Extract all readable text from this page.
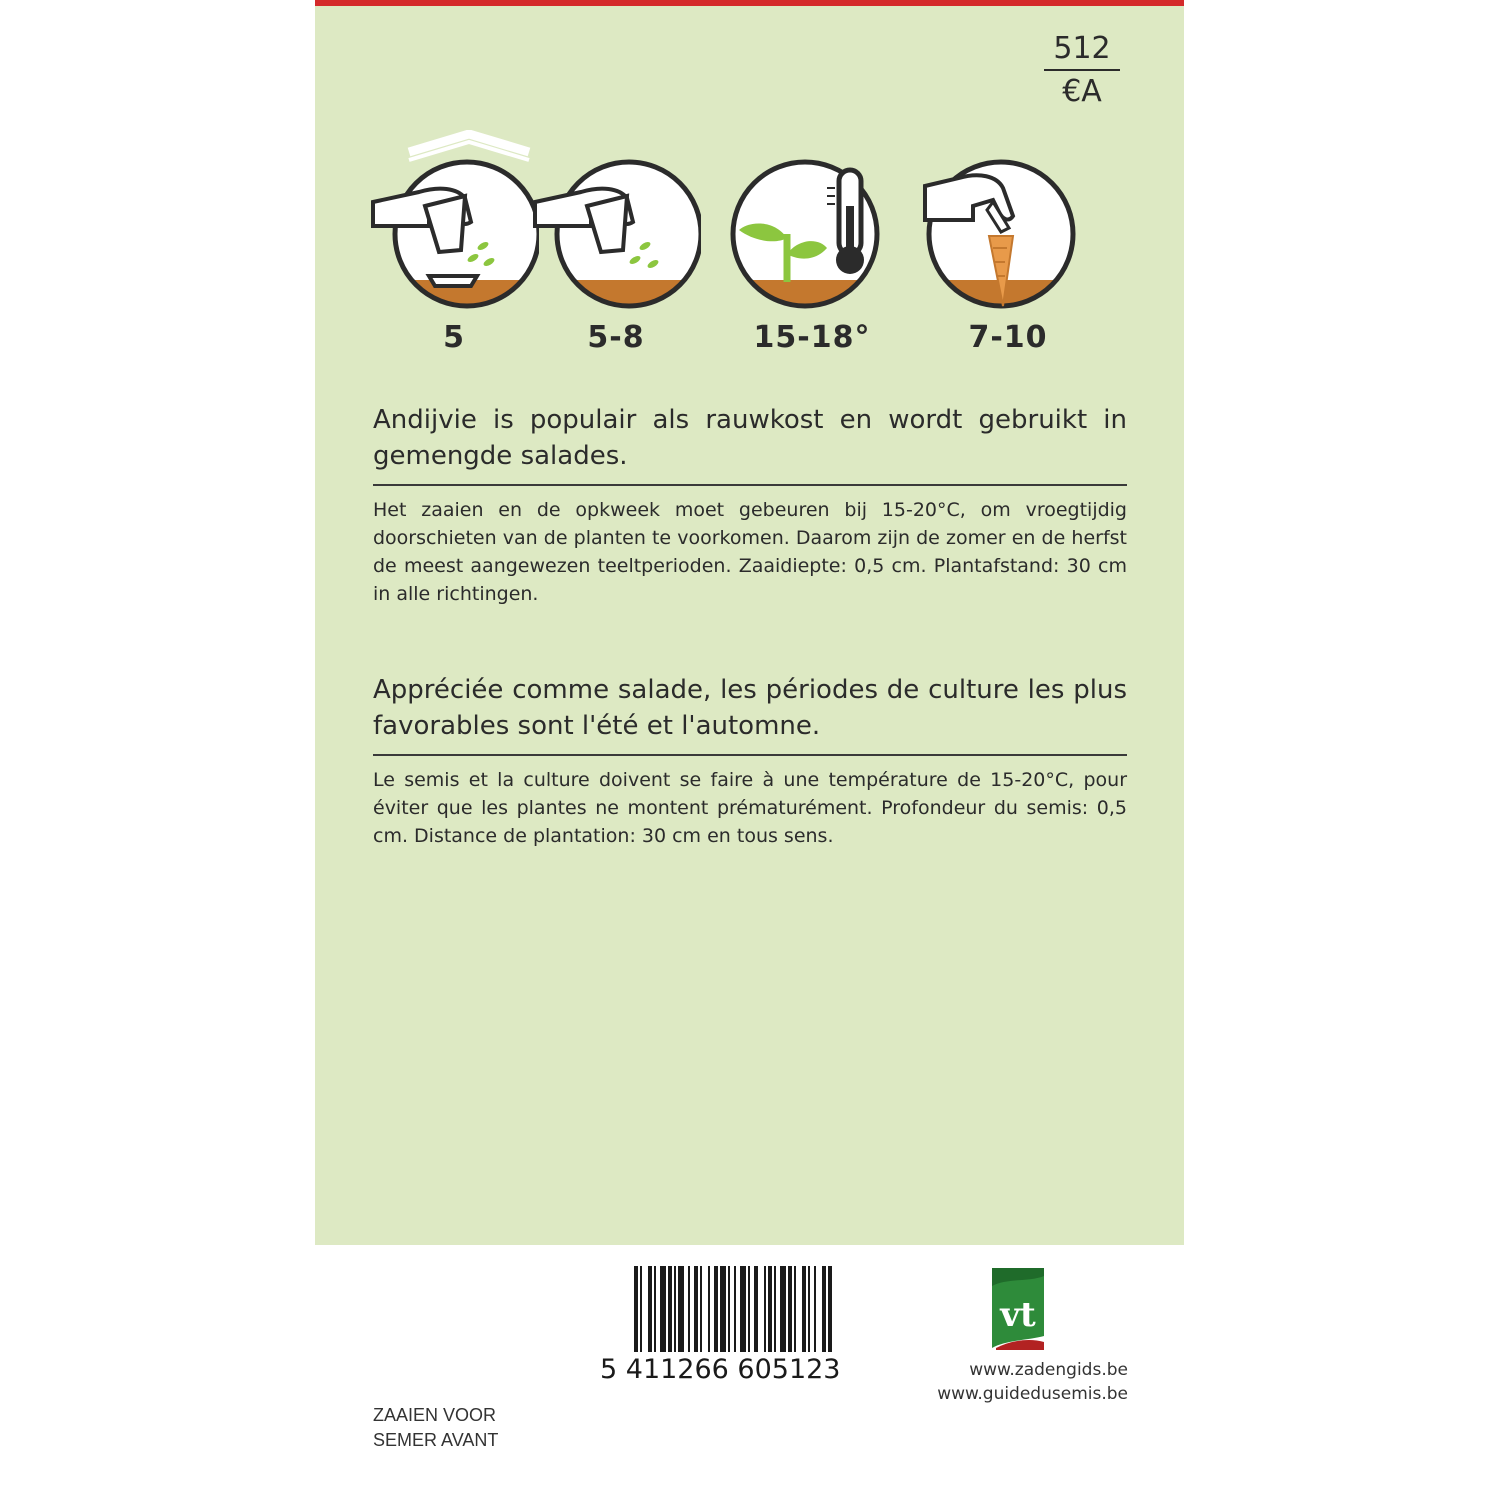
512
€A
5	5-8	15-18°	7-10
Andijvie is populair als rauwkost en wordt gebruikt in gemengde salades.
Het zaaien en de opkweek moet gebeuren bij 15-20°C, om vroegtijdig doorschieten van de planten te voorkomen. Daarom zijn de zomer en de herfst de meest aangewezen teeltperioden. Zaaidiepte: 0,5 cm. Plantafstand: 30 cm in alle richtingen.
Appréciée comme salade, les périodes de culture les plus favorables sont l'été et l'automne.
Le semis et la culture doivent se faire à une température de 15-20°C, pour éviter que les plantes ne montent prématurément. Profondeur du semis: 0,5 cm. Distance de plantation: 30 cm en tous sens.
5 411266 605123
vt
www.zadengids.be
www.guidedusemis.be
ZAAIEN VOOR
SEMER AVANT
